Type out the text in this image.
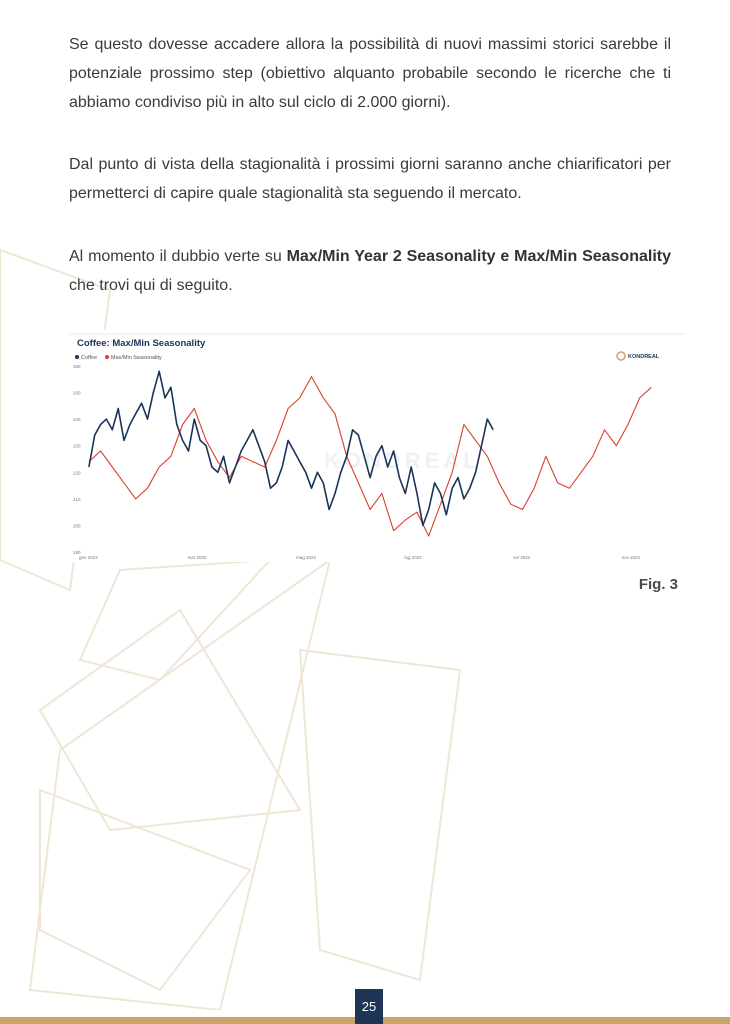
Se questo dovesse accadere allora la possibilità di nuovi massimi storici sarebbe il potenziale prossimo step (obiettivo alquanto probabile secondo le ricerche che ti abbiamo condiviso più in alto sul ciclo di 2.000 giorni).

Dal punto di vista della stagionalità i prossimi giorni saranno anche chiarificatori per permetterci di capire quale stagionalità sta seguendo il mercato.

Al momento il dubbio verte su Max/Min Year 2 Seasonality e Max/Min Seasonality che trovi qui di seguito.

Coffee: Max/Min Seasonality
Coffee	Max/Min Seasonality	KONDREAL
KONDREAL
260
250
240
230
220
210
200
190
gen 2022	mar 2022	mag 2022	lug 2022	set 2022	nov 2022
Fig. 3
25
